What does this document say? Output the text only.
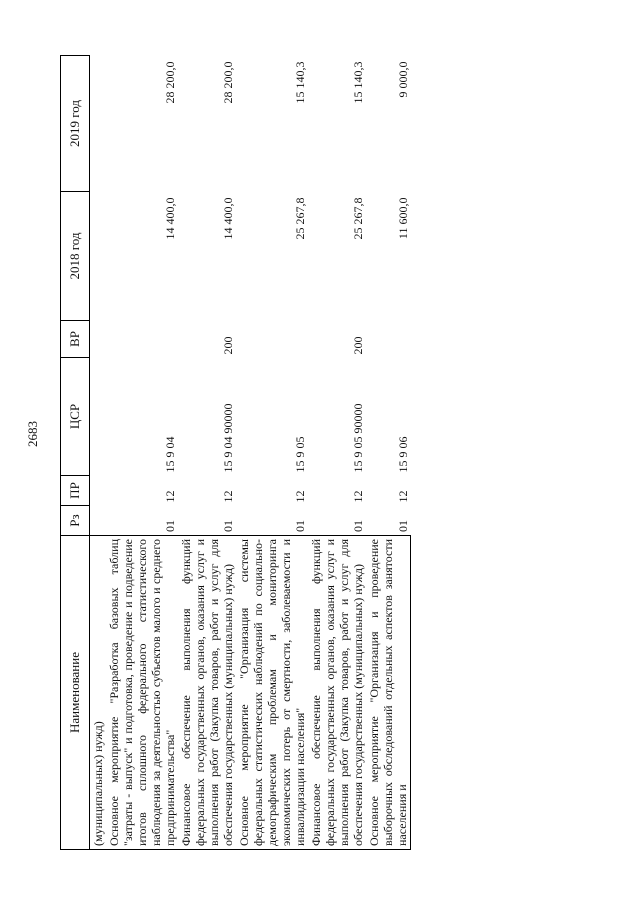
2683
Наименование	Рз	ПР	ЦСР	ВР	2018 год	2019 год
(муниципальных) нужд)						
Основное мероприятие "Разработка базовых таблиц "затраты - выпуск" и подготовка, проведение и подведение итогов сплошного федерального статистического наблюдения за деятельностью субъектов малого и среднего предпринимательства"	01	12	15 9 04		14 400,0	28 200,0
Финансовое обеспечение выполнения функций федеральных государственных органов, оказания услуг и выполнения работ (Закупка товаров, работ и услуг для обеспечения государственных (муниципальных) нужд)	01	12	15 9 04 90000	200	14 400,0	28 200,0
Основное мероприятие "Организация системы федеральных статистических наблюдений по социально-демографическим проблемам и мониторинга экономических потерь от смертности, заболеваемости и инвалидизации населения"	01	12	15 9 05		25 267,8	15 140,3
Финансовое обеспечение выполнения функций федеральных государственных органов, оказания услуг и выполнения работ (Закупка товаров, работ и услуг для обеспечения государственных (муниципальных) нужд)	01	12	15 9 05 90000	200	25 267,8	15 140,3
Основное мероприятие "Организация и проведение выборочных обследований отдельных аспектов занятости населения и	01	12	15 9 06		11 600,0	9 000,0
